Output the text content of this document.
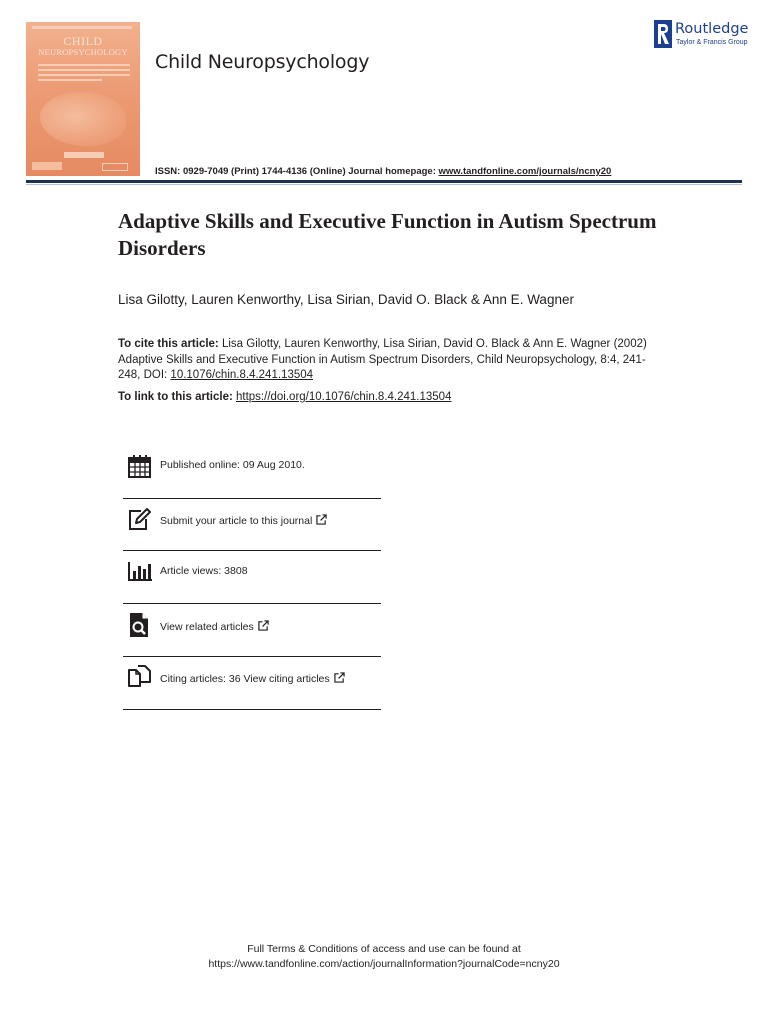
CHILD
NEUROPSYCHOLOGY	Child Neuropsychology
Routledge
Taylor & Francis Group
ISSN: 0929-7049 (Print) 1744-4136 (Online) Journal homepage: www.tandfonline.com/journals/ncny20
Adaptive Skills and Executive Function in Autism Spectrum Disorders
Lisa Gilotty, Lauren Kenworthy, Lisa Sirian, David O. Black & Ann E. Wagner
To cite this article: Lisa Gilotty, Lauren Kenworthy, Lisa Sirian, David O. Black & Ann E. Wagner (2002) Adaptive Skills and Executive Function in Autism Spectrum Disorders, Child Neuropsychology, 8:4, 241-248, DOI: 10.1076/chin.8.4.241.13504
To link to this article: https://doi.org/10.1076/chin.8.4.241.13504
Published online: 09 Aug 2010.
Submit your article to this journal
Article views: 3808
View related articles
Citing articles: 36 View citing articles
Full Terms & Conditions of access and use can be found at
https://www.tandfonline.com/action/journalInformation?journalCode=ncny20
